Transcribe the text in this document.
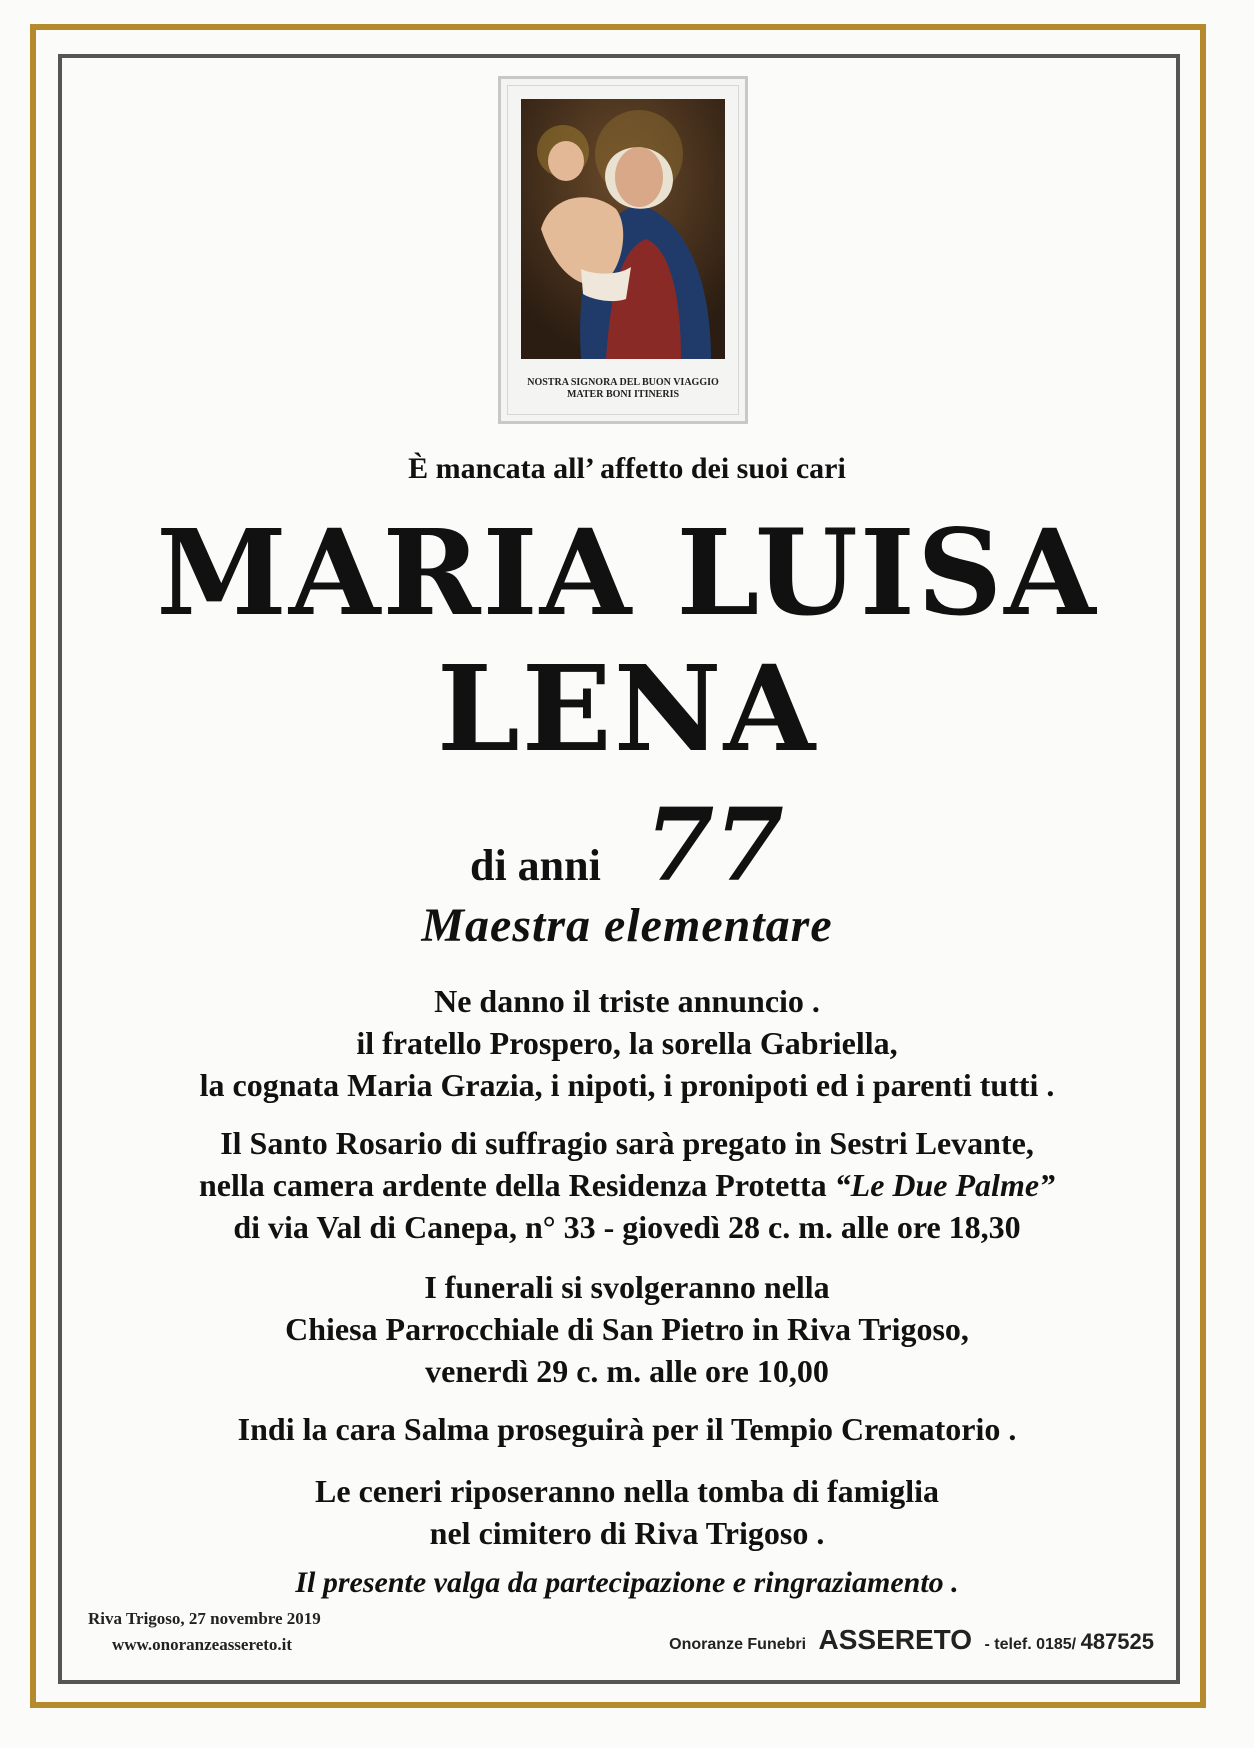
NOSTRA SIGNORA DEL BUON VIAGGIO
MATER BONI ITINERIS
È mancata all’ affetto dei suoi cari
MARIA LUISA
LENA
di anni 77
Maestra elementare
Ne danno il triste annuncio .
il fratello Prospero, la sorella Gabriella,
la cognata Maria Grazia, i nipoti, i pronipoti ed i parenti tutti .
Il Santo Rosario di suffragio sarà pregato in Sestri Levante,
nella camera ardente della Residenza Protetta “Le Due Palme”
di via Val di Canepa, n° 33 - giovedì 28 c. m. alle ore 18,30
I funerali si svolgeranno nella
Chiesa Parrocchiale di San Pietro in Riva Trigoso,
venerdì 29 c. m. alle ore 10,00
Indi la cara Salma proseguirà per il Tempio Crematorio .
Le ceneri riposeranno nella tomba di famiglia
nel cimitero di Riva Trigoso .
Il presente valga da partecipazione e ringraziamento .
Riva Trigoso, 27 novembre 2019
www.onoranzeassereto.it	Onoranze Funebri ASSERETO - telef. 0185/ 487525
